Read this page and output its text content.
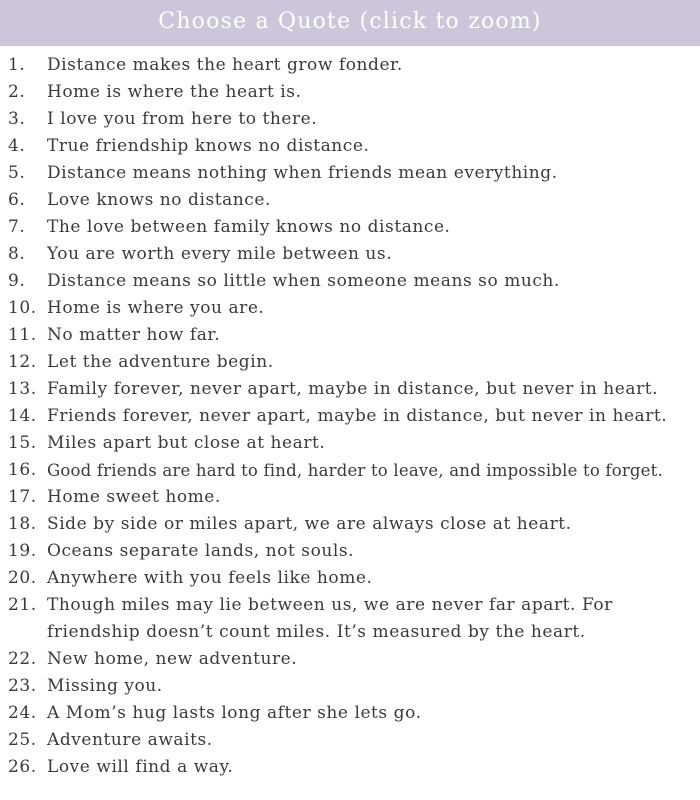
Choose a Quote (click to zoom)
1.	Distance makes the heart grow fonder.
2.	Home is where the heart is.
3.	I love you from here to there.
4.	True friendship knows no distance.
5.	Distance means nothing when friends mean everything.
6.	Love knows no distance.
7.	The love between family knows no distance.
8.	You are worth every mile between us.
9.	Distance means so little when someone means so much.
10. Home is where you are.
11. No matter how far.
12. Let the adventure begin.
13. Family forever, never apart, maybe in distance, but never in heart.
14. Friends forever, never apart, maybe in distance, but never in heart.
15. Miles apart but close at heart.
16. Good friends are hard to find, harder to leave, and impossible to forget.
17. Home sweet home.
18. Side by side or miles apart, we are always close at heart.
19. Oceans separate lands, not souls.
20. Anywhere with you feels like home.
21. Though miles may lie between us, we are never far apart. For
friendship doesn’t count miles. It’s measured by the heart.
22. New home, new adventure.
23. Missing you.
24. A Mom’s hug lasts long after she lets go.
25. Adventure awaits.
26. Love will find a way.
